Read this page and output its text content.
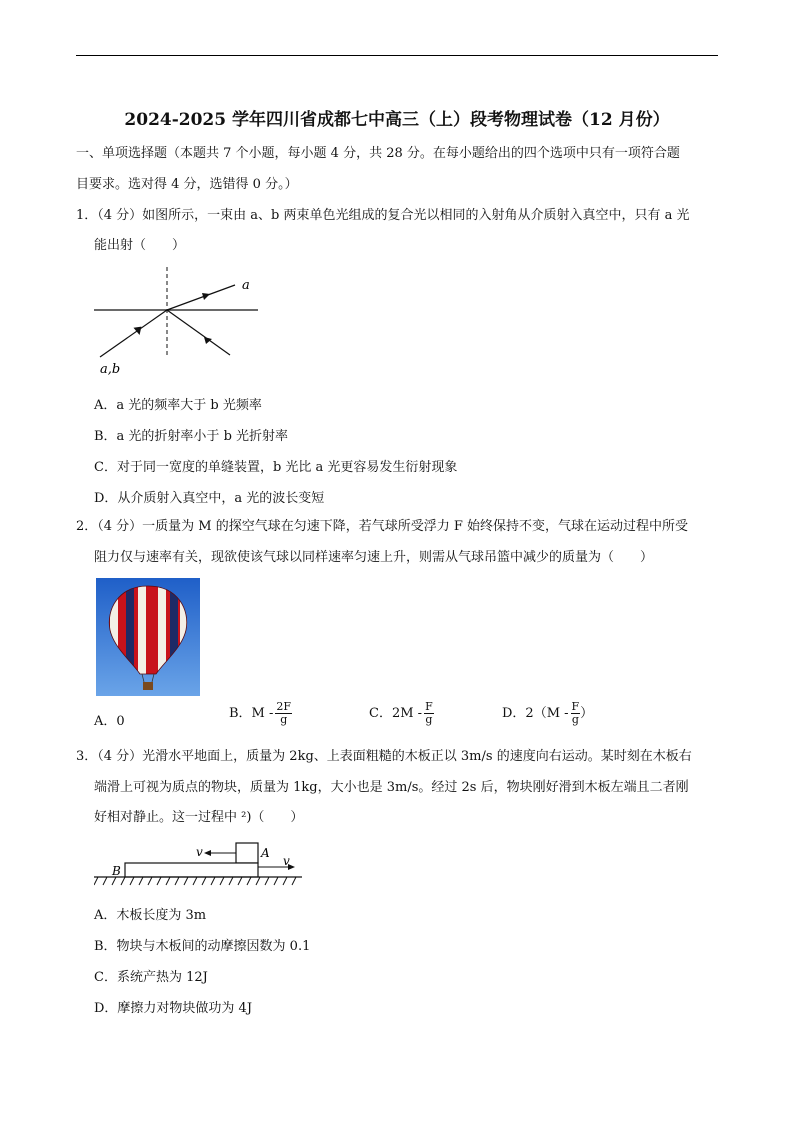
2024-2025 学年四川省成都七中高三（上）段考物理试卷（12 月份）
一、单项选择题（本题共 7 个小题，每小题 4 分，共 28 分。在每小题给出的四个选项中只有一项符合题
目要求。选对得 4 分，选错得 0 分。）
1．（4 分）如图所示，一束由 a、b 两束单色光组成的复合光以相同的入射角从介质射入真空中，只有 a 光
能出射（　　）
a
a,b
A．a 光的频率大于 b 光频率
B．a 光的折射率小于 b 光折射率
C．对于同一宽度的单缝装置，b 光比 a 光更容易发生衍射现象
D．从介质射入真空中，a 光的波长变短
2．（4 分）一质量为 M 的探空气球在匀速下降，若气球所受浮力 F 始终保持不变，气球在运动过程中所受
阻力仅与速率有关，现欲使该气球以同样速率匀速上升，则需从气球吊篮中减少的质量为（　　）
A．0
B．M - $\frac{2F}{g}$	C．$2M - \frac{F}{g}$	D．$2(M - \frac{F}{g}$ ）
3．（4 分）光滑水平地面上，质量为 2kg、上表面粗糙的木板正以 3m/s 的速度向右运动。某时刻在木板右
端滑上可视为质点的物块，质量为 1kg，大小也是 3m/s。经过 2s 后，物块刚好滑到木板左端且二者刚
好相对静止。这一过程中 ²)（　　）
v	A
v
B
A．木板长度为 3m
B．物块与木板间的动摩擦因数为 0.1
C．系统产热为 12J
D．摩擦力对物块做功为 4J
